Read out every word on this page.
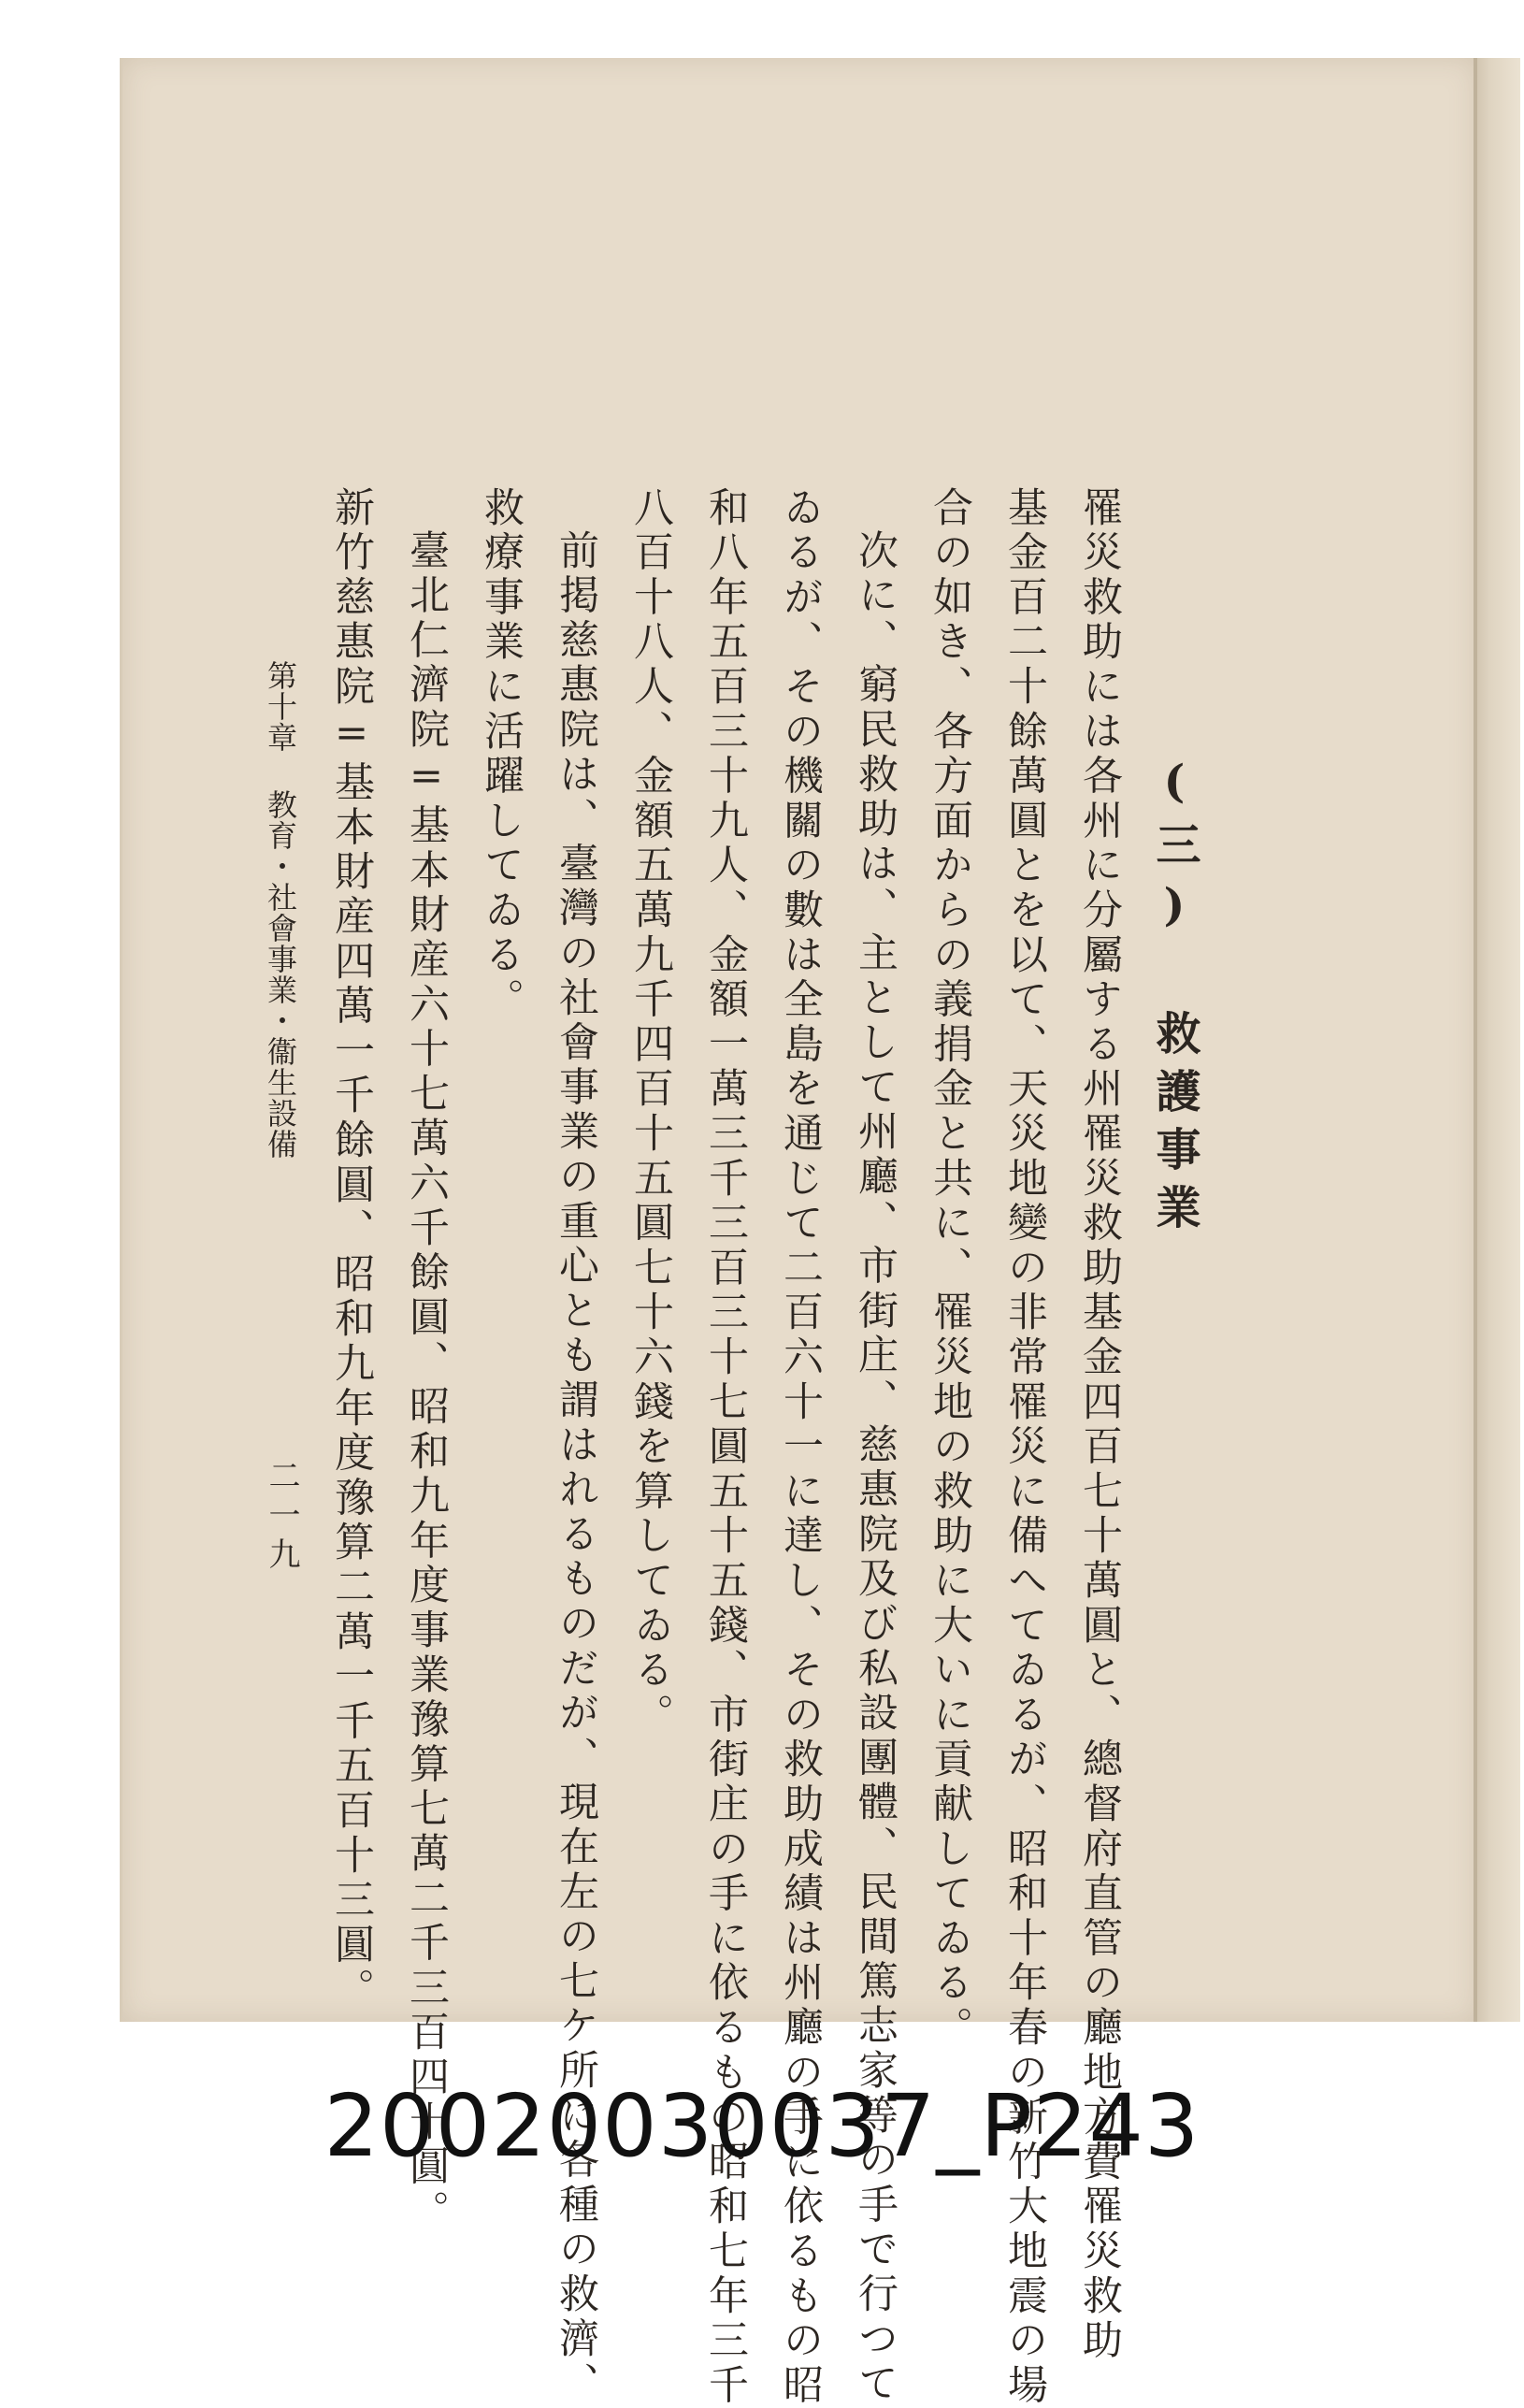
(三) 救護事業
罹災救助には各州に分屬する州罹災救助基金四百七十萬圓と、總督府直管の廳地方費罹災救助
基金百二十餘萬圓とを以て、天災地變の非常罹災に備へてゐるが、昭和十年春の新竹大地震の場
合の如き、各方面からの義捐金と共に、罹災地の救助に大いに貢献してゐる。
次に、窮民救助は、主として州廳、市街庄、慈惠院及び私設團體、民間篤志家等の手で行つて
ゐるが、その機關の數は全島を通じて二百六十一に達し、その救助成績は州廳の手に依るもの昭
和八年五百三十九人、金額一萬三千三百三十七圓五十五錢、市街庄の手に依るもの昭和七年三千
八百十八人、金額五萬九千四百十五圓七十六錢を算してゐる。
前掲慈惠院は、臺灣の社會事業の重心とも謂はれるものだが、現在左の七ケ所に各種の救濟、
救療事業に活躍してゐる。
臺北仁濟院=基本財産六十七萬六千餘圓、昭和九年度事業豫算七萬二千三百四十圓。
新竹慈惠院=基本財産四萬一千餘圓、昭和九年度豫算二萬一千五百十三圓。
第十章 教育・社會事業・衞生設備
二一九
20020030037_P243
